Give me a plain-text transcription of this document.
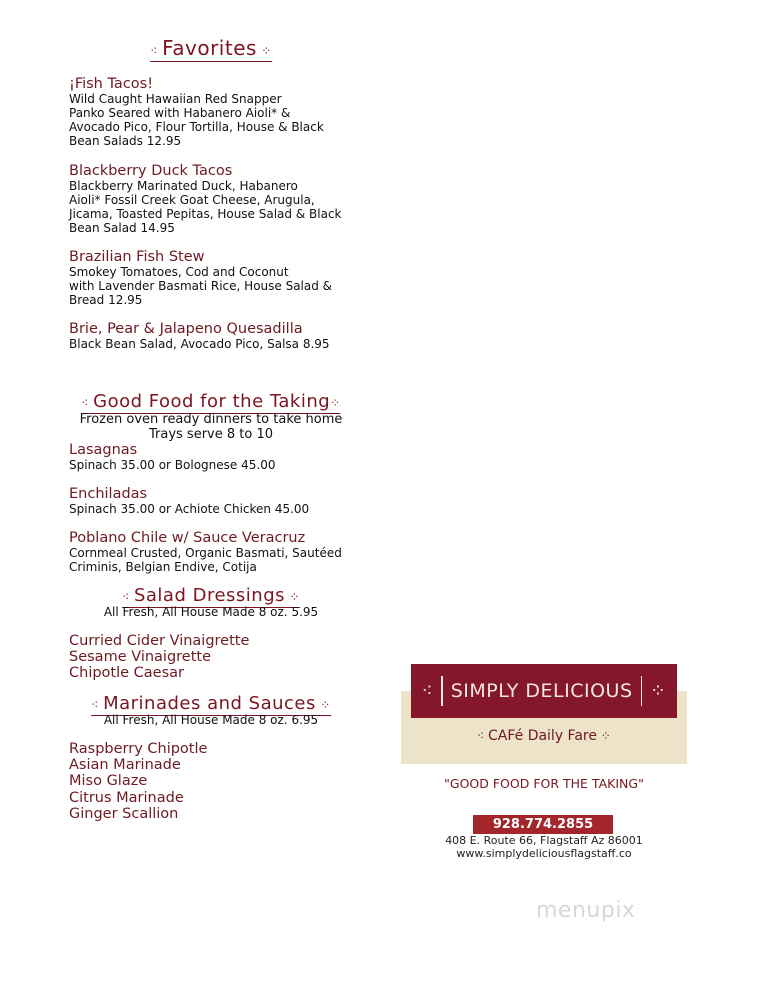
⁖ Favorites ⁘
¡Fish Tacos!
Wild Caught Hawaiian Red Snapper
Panko Seared with Habanero Aioli* &
Avocado Pico, Flour Tortilla, House & Black
Bean Salads 12.95
Blackberry Duck Tacos
Blackberry Marinated Duck, Habanero
Aioli* Fossil Creek Goat Cheese, Arugula,
Jicama, Toasted Pepitas, House Salad & Black
Bean Salad 14.95
Brazilian Fish Stew
Smokey Tomatoes, Cod and Coconut
with Lavender Basmati Rice, House Salad &
Bread 12.95
Brie, Pear & Jalapeno Quesadilla
Black Bean Salad, Avocado Pico, Salsa 8.95
⁖ Good Food for the Taking⁘
Frozen oven ready dinners to take home
Trays serve 8 to 10
Lasagnas
Spinach 35.00 or Bolognese 45.00
Enchiladas
Spinach 35.00 or Achiote Chicken 45.00
Poblano Chile w/ Sauce Veracruz
Cornmeal Crusted, Organic Basmati, Sautéed
Criminis, Belgian Endive, Cotija
⁖ Salad Dressings ⁘
All Fresh, All House Made 8 oz. 5.95
Curried Cider Vinaigrette
Sesame Vinaigrette
Chipotle Caesar
⁖ Marinades and Sauces ⁘
All Fresh, All House Made 8 oz. 6.95
Raspberry Chipotle
Asian Marinade
Miso Glaze
Citrus Marinade
Ginger Scallion
⁖ SIMPLY DELICIOUS ⁘
⁖ CAFé Daily Fare ⁘
"GOOD FOOD FOR THE TAKING"
928.774.2855
408 E. Route 66, Flagstaff Az 86001
www.simplydeliciousflagstaff.co
menupix
